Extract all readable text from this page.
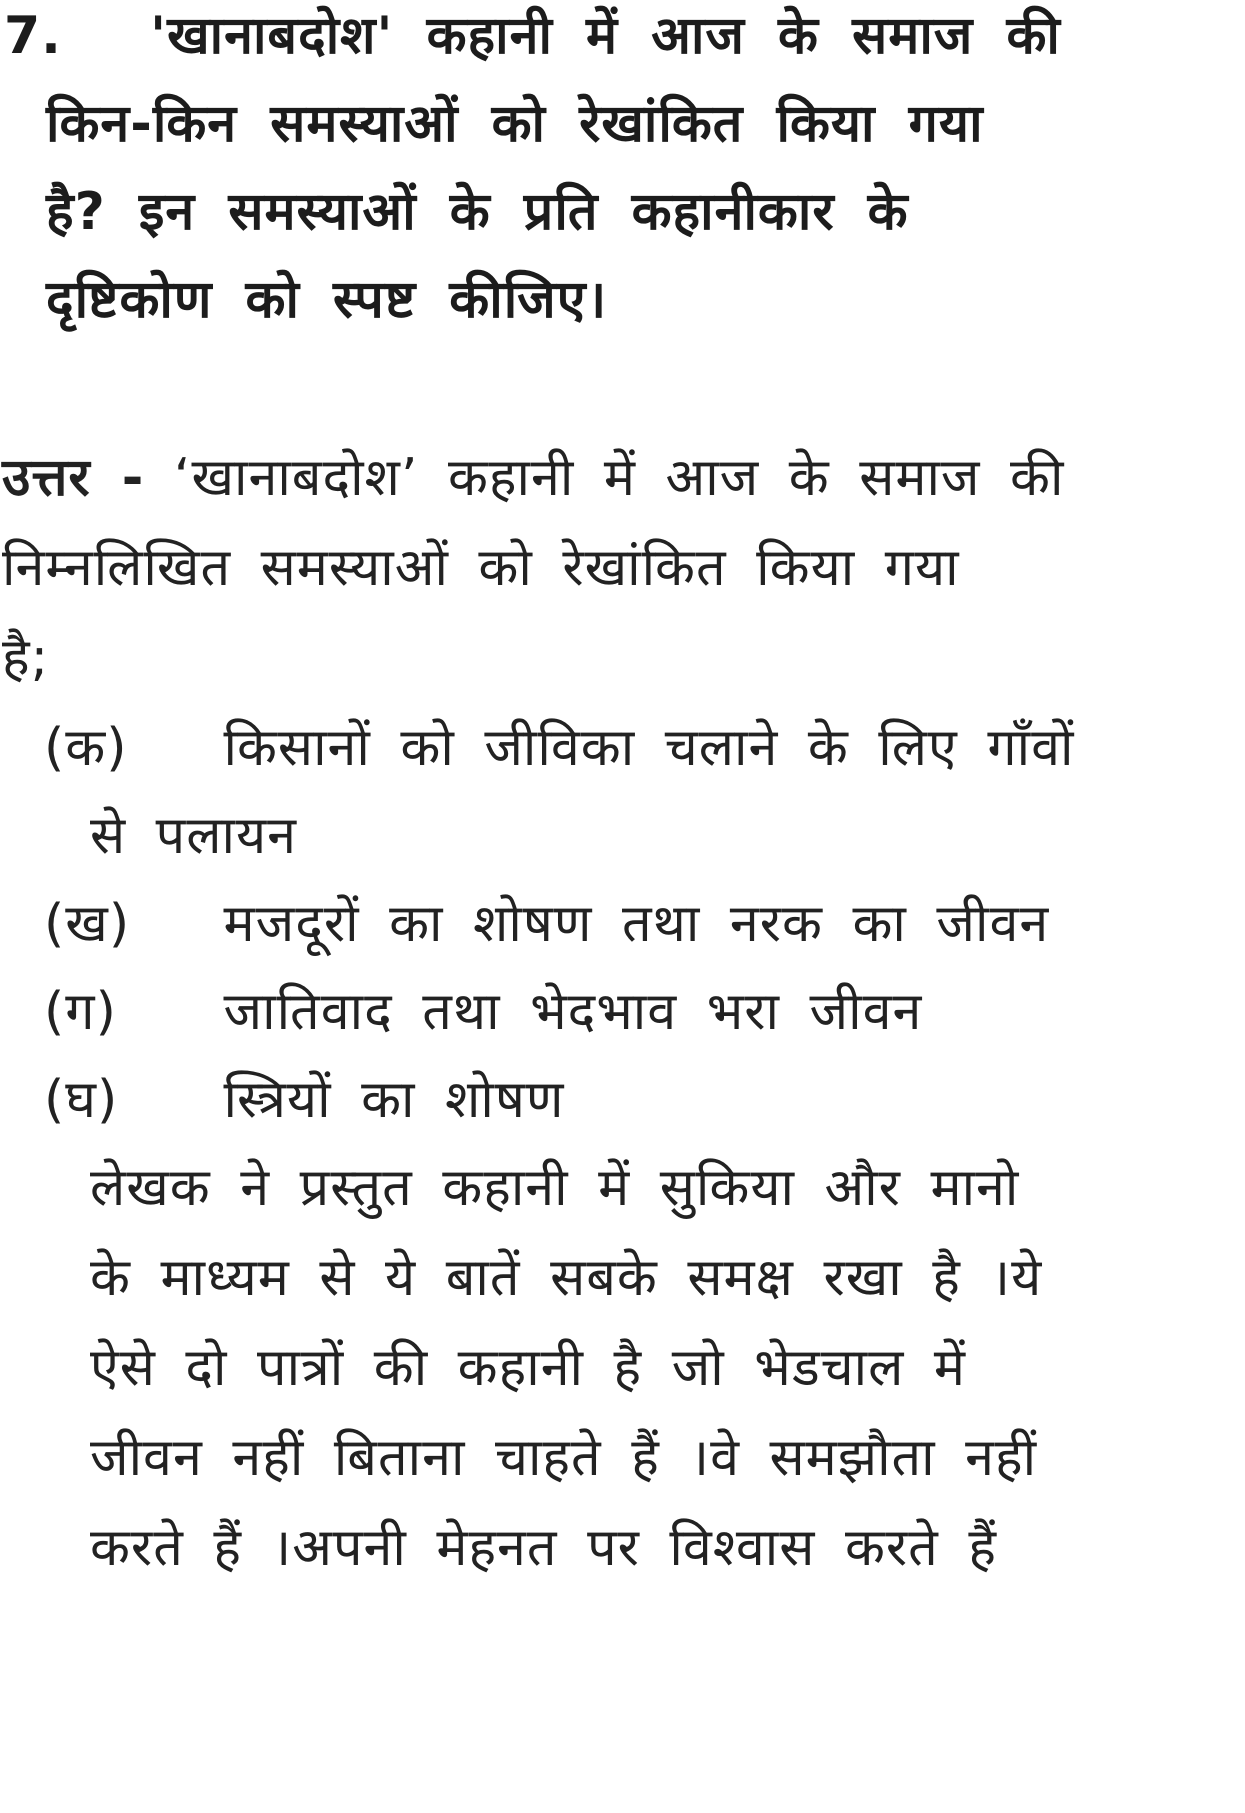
7. 'खानाबदोश' कहानी में आज के समाज की
किन-किन समस्याओं को रेखांकित किया गया
है? इन समस्याओं के प्रति कहानीकार के
दृष्टिकोण को स्पष्ट कीजिए।
उत्तर - ‘खानाबदोश’ कहानी में आज के समाज की
निम्नलिखित समस्याओं को रेखांकित किया गया
है;
(क) किसानों को जीविका चलाने के लिए गाँवों
से पलायन
(ख) मजदूरों का शोषण तथा नरक का जीवन
(ग) जातिवाद तथा भेदभाव भरा जीवन
(घ) स्त्रियों का शोषण
लेखक ने प्रस्तुत कहानी में सुकिया और मानो
के माध्यम से ये बातें सबके समक्ष रखा है ।ये
ऐसे दो पात्रों की कहानी है जो भेडचाल में
जीवन नहीं बिताना चाहते हैं ।वे समझौता नहीं
करते हैं ।अपनी मेहनत पर विश्वास करते हैं
